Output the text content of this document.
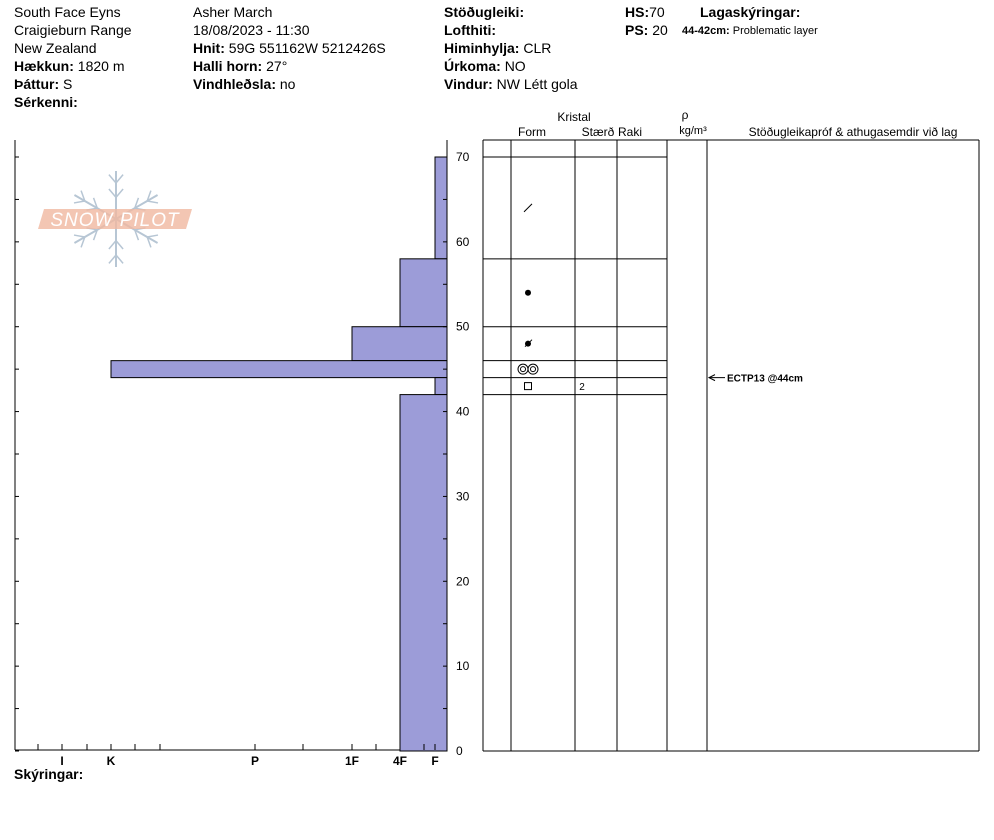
South Face Eyns
Craigieburn Range
New Zealand
Hækkun: 1820 m
Þáttur: S
Sérkenni:
Asher March
18/08/2023 - 11:30
Hnit: 59G 551162W 5212426S
Halli horn: 27°
Vindhleðsla: no
Stöðugleiki:
Lofthiti:
Himinhylja: CLR
Úrkoma: NO
Vindur: NW Létt gola
HS:70
PS: 20
Lagaskýringar:
44-42cm: Problematic layer
Skýringar:
0
10
20
30
40
50
60
70
I	K	P	1F	4F F
SNOW PILOT
Kristal
Form	Stærð Raki
ρ
kg/m³	Stöðugleikapróf & athugasemdir við lag
2
ECTP13 @44cm
